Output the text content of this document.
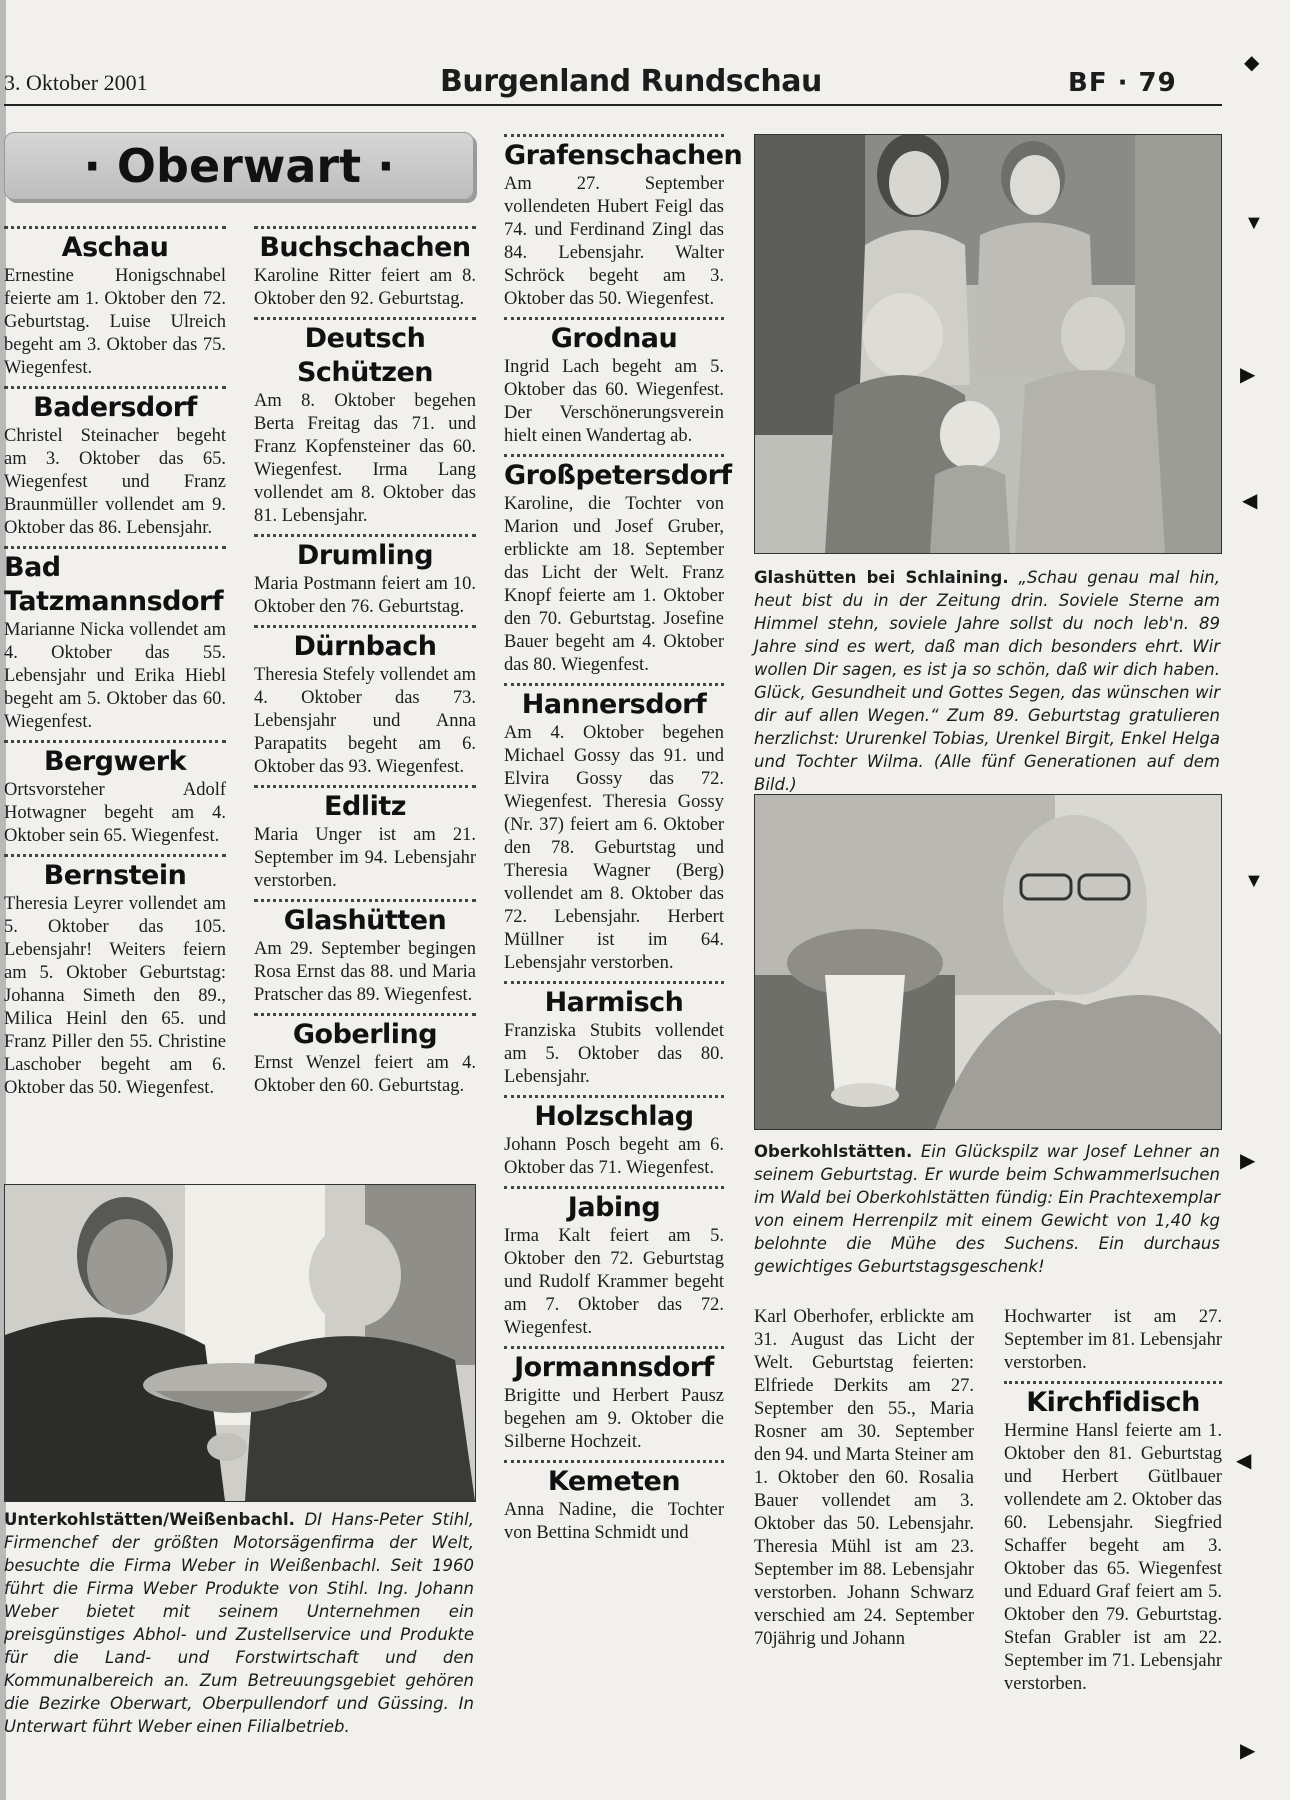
3. Oktober 2001	Burgenland Rundschau	BF · 79
· Oberwart ·
Aschau

Ernestine Honigschnabel feierte am 1. Oktober den 72. Geburtstag. Luise Ulreich begeht am 3. Oktober das 75. Wiegenfest.

Badersdorf

Christel Steinacher begeht am 3. Oktober das 65. Wiegenfest und Franz Braunmüller vollendet am 9. Oktober das 86. Lebensjahr.

Bad Tatzmannsdorf

Marianne Nicka vollendet am 4. Oktober das 55. Lebensjahr und Erika Hiebl begeht am 5. Oktober das 60. Wiegenfest.

Bergwerk

Ortsvorsteher Adolf Hotwagner begeht am 4. Oktober sein 65. Wiegenfest.

Bernstein

Theresia Leyrer vollendet am 5. Oktober das 105. Lebensjahr! Weiters feiern am 5. Oktober Geburtstag: Johanna Simeth den 89., Milica Heinl den 65. und Franz Piller den 55. Christine Laschober begeht am 6. Oktober das 50. Wiegenfest.

Buchschachen

Karoline Ritter feiert am 8. Oktober den 92. Geburtstag.

Deutsch Schützen

Am 8. Oktober begehen Berta Freitag das 71. und Franz Kopfensteiner das 60. Wiegenfest. Irma Lang vollendet am 8. Oktober das 81. Lebensjahr.

Drumling

Maria Postmann feiert am 10. Oktober den 76. Geburtstag.

Dürnbach

Theresia Stefely vollendet am 4. Oktober das 73. Lebensjahr und Anna Parapatits begeht am 6. Oktober das 93. Wiegenfest.

Edlitz

Maria Unger ist am 21. September im 94. Lebensjahr verstorben.

Glashütten

Am 29. September begingen Rosa Ernst das 88. und Maria Pratscher das 89. Wiegenfest.

Goberling

Ernst Wenzel feiert am 4. Oktober den 60. Geburtstag.

Grafenschachen

Am 27. September vollendeten Hubert Feigl das 74. und Ferdinand Zingl das 84. Lebensjahr. Walter Schröck begeht am 3. Oktober das 50. Wiegenfest.

Grodnau

Ingrid Lach begeht am 5. Oktober das 60. Wiegenfest. Der Verschönerungsverein hielt einen Wandertag ab.

Großpetersdorf

Karoline, die Tochter von Marion und Josef Gruber, erblickte am 18. September das Licht der Welt. Franz Knopf feierte am 1. Oktober den 70. Geburtstag. Josefine Bauer begeht am 4. Oktober das 80. Wiegenfest.

Hannersdorf

Am 4. Oktober begehen Michael Gossy das 91. und Elvira Gossy das 72. Wiegenfest. Theresia Gossy (Nr. 37) feiert am 6. Oktober den 78. Geburtstag und Theresia Wagner (Berg) vollendet am 8. Oktober das 72. Lebensjahr. Herbert Müllner ist im 64. Lebensjahr verstorben.

Harmisch

Franziska Stubits vollendet am 5. Oktober das 80. Lebensjahr.

Holzschlag

Johann Posch begeht am 6. Oktober das 71. Wiegenfest.

Jabing

Irma Kalt feiert am 5. Oktober den 72. Geburtstag und Rudolf Krammer begeht am 7. Oktober das 72. Wiegenfest.

Jormannsdorf

Brigitte und Herbert Pausz begehen am 9. Oktober die Silberne Hochzeit.

Kemeten

Anna Nadine, die Tochter von Bettina Schmidt und

Glashütten bei Schlaining. „Schau genau mal hin, heut bist du in der Zeitung drin. Soviele Sterne am Himmel stehn, soviele Jahre sollst du noch leb'n. 89 Jahre sind es wert, daß man dich besonders ehrt. Wir wollen Dir sagen, es ist ja so schön, daß wir dich haben. Glück, Gesundheit und Gottes Segen, das wünschen wir dir auf allen Wegen.“ Zum 89. Geburtstag gratulieren herzlichst: Ururenkel Tobias, Urenkel Birgit, Enkel Helga und Tochter Wilma. (Alle fünf Generationen auf dem Bild.)
Oberkohlstätten. Ein Glückspilz war Josef Lehner an seinem Geburtstag. Er wurde beim Schwammerlsuchen im Wald bei Oberkohlstätten fündig: Ein Prachtexemplar von einem Herrenpilz mit einem Gewicht von 1,40 kg belohnte die Mühe des Suchens. Ein durchaus gewichtiges Geburtstagsgeschenk!

Karl Oberhofer, erblickte am 31. August das Licht der Welt. Geburtstag feierten: Elfriede Derkits am 27. September den 55., Maria Rosner am 30. September den 94. und Marta Steiner am 1. Oktober den 60. Rosalia Bauer vollendet am 3. Oktober das 50. Lebensjahr. Theresia Mühl ist am 23. September im 88. Lebensjahr verstorben. Johann Schwarz verschied am 24. September 70jährig und Johann

Hochwarter ist am 27. September im 81. Lebensjahr verstorben.

Kirchfidisch

Hermine Hansl feierte am 1. Oktober den 81. Geburtstag und Herbert Gütlbauer vollendete am 2. Oktober das 60. Lebensjahr. Siegfried Schaffer begeht am 3. Oktober das 65. Wiegenfest und Eduard Graf feiert am 5. Oktober den 79. Geburtstag. Stefan Grabler ist am 22. September im 71. Lebensjahr verstorben.

Unterkohlstätten/Weißenbachl. DI Hans-Peter Stihl, Firmenchef der größten Motorsägenfirma der Welt, besuchte die Firma Weber in Weißenbachl. Seit 1960 führt die Firma Weber Produkte von Stihl. Ing. Johann Weber bietet mit seinem Unternehmen ein preisgünstiges Abhol- und Zustellservice und Produkte für die Land- und Forstwirtschaft und den Kommunalbereich an. Zum Betreuungsgebiet gehören die Bezirke Oberwart, Oberpullendorf und Güssing. In Unterwart führt Weber einen Filialbetrieb.
◆
▼
▶
◀
▼
▶
◀
▶
